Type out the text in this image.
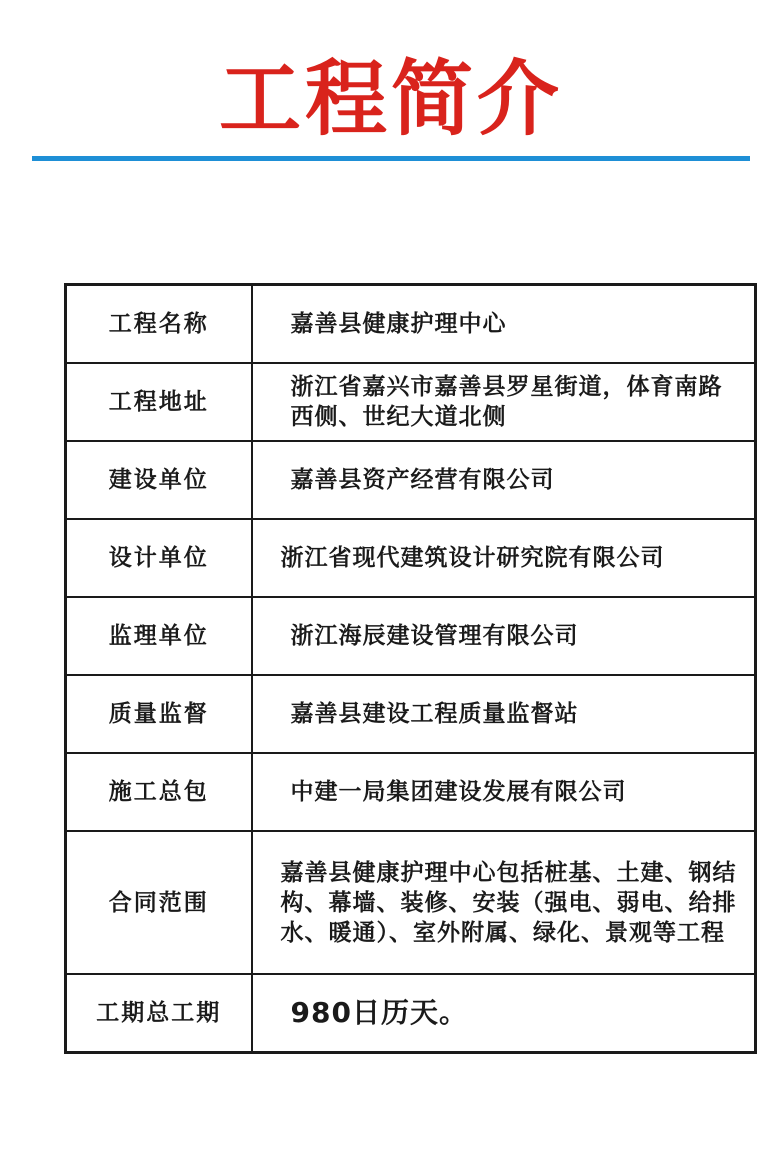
工程简介
工程名称	嘉善县健康护理中心
工程地址	浙江省嘉兴市嘉善县罗星街道，体育南路西侧、世纪大道北侧
建设单位	嘉善县资产经营有限公司
设计单位	浙江省现代建筑设计研究院有限公司
监理单位	浙江海辰建设管理有限公司
质量监督	嘉善县建设工程质量监督站
施工总包	中建一局集团建设发展有限公司
合同范围	嘉善县健康护理中心包括桩基、土建、钢结构、幕墙、装修、安装（强电、弱电、给排水、暖通）、室外附属、绿化、景观等工程
工期总工期	980日历天。
